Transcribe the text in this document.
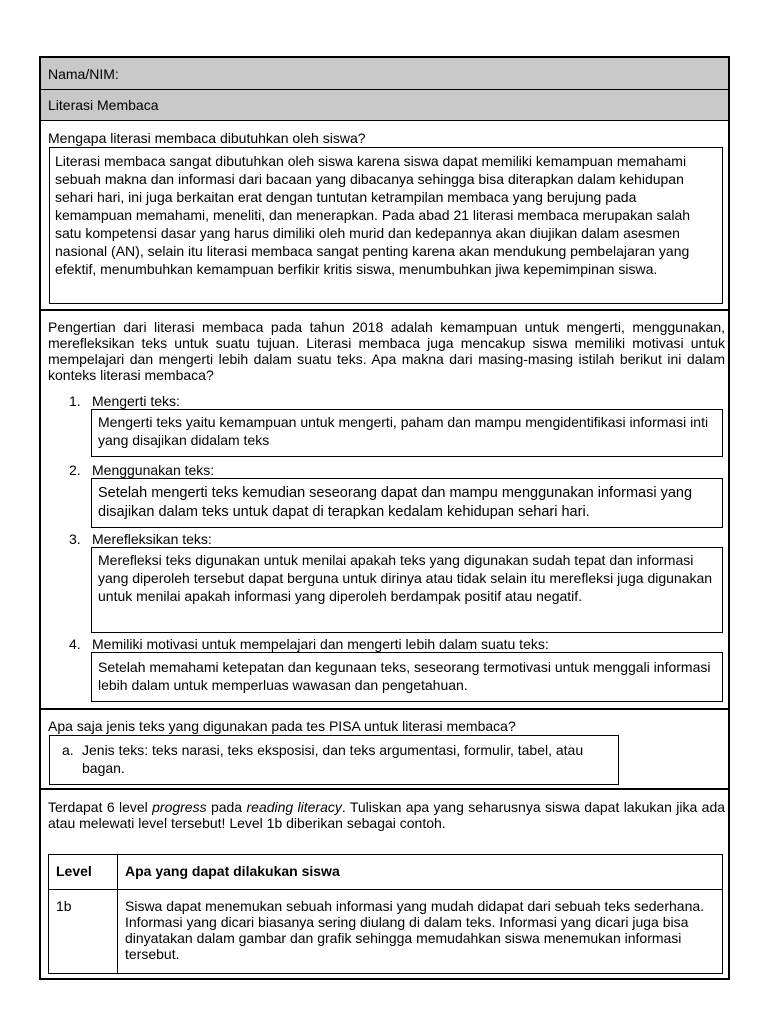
Nama/NIM:
Literasi Membaca
Mengapa literasi membaca dibutuhkan oleh siswa?
Literasi membaca sangat dibutuhkan oleh siswa karena siswa dapat memiliki kemampuan memahami sebuah makna dan informasi dari bacaan yang dibacanya sehingga bisa diterapkan dalam kehidupan sehari hari, ini juga berkaitan erat dengan tuntutan ketrampilan membaca yang berujung pada kemampuan memahami, meneliti, dan menerapkan. Pada abad 21 literasi membaca merupakan salah satu kompetensi dasar yang harus dimiliki oleh murid dan kedepannya akan diujikan dalam asesmen nasional (AN), selain itu literasi membaca sangat penting karena akan mendukung pembelajaran yang efektif, menumbuhkan kemampuan berfikir kritis siswa, menumbuhkan jiwa kepemimpinan siswa.
Pengertian dari literasi membaca pada tahun 2018 adalah kemampuan untuk mengerti, menggunakan, merefleksikan teks untuk suatu tujuan. Literasi membaca juga mencakup siswa memiliki motivasi untuk mempelajari dan mengerti lebih dalam suatu teks. Apa makna dari masing-masing istilah berikut ini dalam konteks literasi membaca?
1. Mengerti teks:
Mengerti teks yaitu kemampuan untuk mengerti, paham dan mampu mengidentifikasi informasi inti yang disajikan didalam teks
2. Menggunakan teks:
Setelah mengerti teks kemudian seseorang dapat dan mampu menggunakan informasi yang disajikan dalam teks untuk dapat di terapkan kedalam kehidupan sehari hari.
3. Merefleksikan teks:
Merefleksi teks digunakan untuk menilai apakah teks yang digunakan sudah tepat dan informasi yang diperoleh tersebut dapat berguna untuk dirinya atau tidak selain itu merefleksi juga digunakan untuk menilai apakah informasi yang diperoleh berdampak positif atau negatif.
4. Memiliki motivasi untuk mempelajari dan mengerti lebih dalam suatu teks:
Setelah memahami ketepatan dan kegunaan teks, seseorang termotivasi untuk menggali informasi lebih dalam untuk memperluas wawasan dan pengetahuan.
Apa saja jenis teks yang digunakan pada tes PISA untuk literasi membaca?
a. Jenis teks: teks narasi, teks eksposisi, dan teks argumentasi, formulir, tabel, atau bagan.
Terdapat 6 level progress pada reading literacy. Tuliskan apa yang seharusnya siswa dapat lakukan jika ada atau melewati level tersebut! Level 1b diberikan sebagai contoh.
Level	Apa yang dapat dilakukan siswa
1b	Siswa dapat menemukan sebuah informasi yang mudah didapat dari sebuah teks sederhana. Informasi yang dicari biasanya sering diulang di dalam teks. Informasi yang dicari juga bisa dinyatakan dalam gambar dan grafik sehingga memudahkan siswa menemukan informasi tersebut.
